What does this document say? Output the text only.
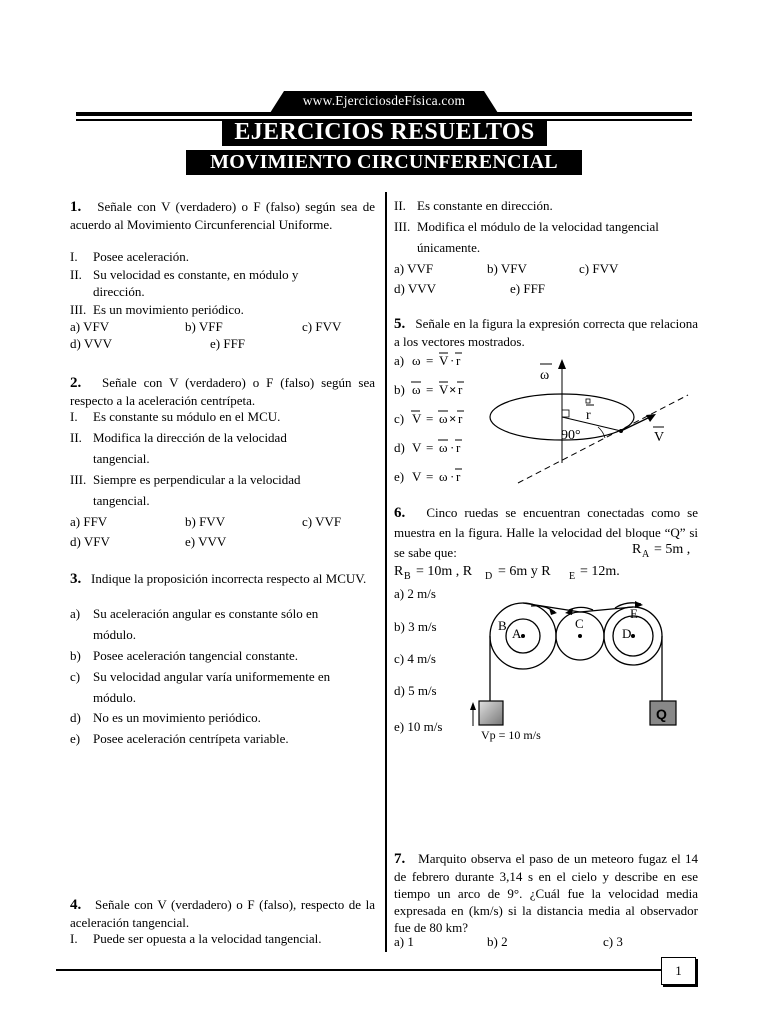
www.EjerciciosdeFísica.com
EJERCICIOS RESUELTOS
MOVIMIENTO CIRCUNFERENCIAL
1. Señale con V (verdadero) o F (falso) según sea de acuerdo al Movimiento Circunferencial Uniforme.
I. Posee aceleración.
II. Su velocidad es constante, en módulo y
dirección.
III. Es un movimiento periódico.
a) VFV	b) VFF	c) FVV
d) VVV	e) FFF
2. Señale con V (verdadero) o F (falso) según sea respecto a la aceleración centrípeta.
I. Es constante su módulo en el MCU.
II. Modifica la dirección de la velocidad
tangencial.
III. Siempre es perpendicular a la velocidad
tangencial.
a) FFV	b) FVV	c) VVF
d) VFV	e) VVV
3. Indique la proposición incorrecta respecto al MCUV.
a) Su aceleración angular es constante sólo en
módulo.
b) Posee aceleración tangencial constante.
c) Su velocidad angular varía uniformemente en
módulo.
d) No es un movimiento periódico.
e) Posee aceleración centrípeta variable.
4. Señale con V (verdadero) o F (falso), respecto de la aceleración tangencial.
I. Puede ser opuesta a la velocidad tangencial.
II. Es constante en dirección.
III. Modifica el módulo de la velocidad tangencial
únicamente.
a) VVF	b) VFV	c) FVV
d) VVV	e) FFF
5. Señale en la figura la expresión correcta que relaciona a los vectores mostrados.
a)
b)
c)
d)
e)
ω = V · r
ω = V × r
V = ω × r
V = ω · r
V = ω · r
ω
r
90°	V
6. Cinco ruedas se encuentran conectadas como se muestra en la figura. Halle la velocidad del bloque “Q” si se sabe que:	R A = 5m ,
R B = 10m , R D = 6m y R E = 12m.
a) 2 m/s
b) 3 m/s
c) 4 m/s
d) 5 m/s
e) 10 m/s
B
A
C
E
D
Q
Vp = 10 m/s
7. Marquito observa el paso de un meteoro fugaz el 14 de febrero durante 3,14 s en el cielo y describe en ese tiempo un arco de 9°. ¿Cuál fue la velocidad media expresada en (km/s) si la distancia media al observador fue de 80 km?
a) 1	b) 2	c) 3
1
